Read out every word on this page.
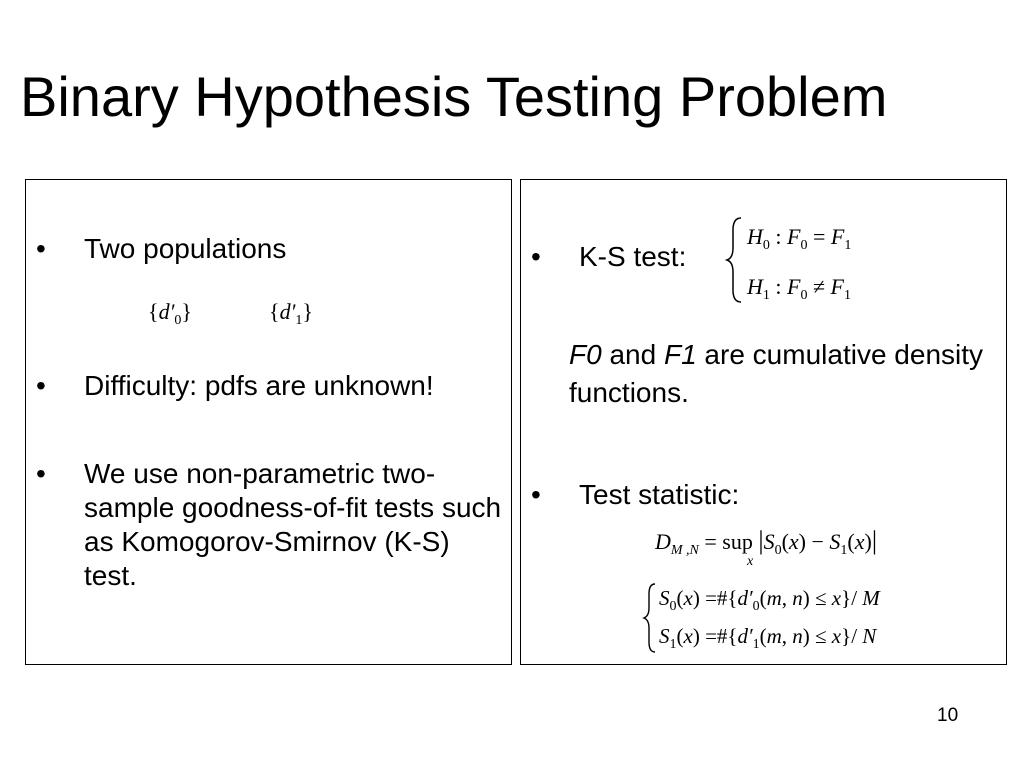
Binary Hypothesis Testing Problem
• Two populations
$\{d'_0\}$	$\{d'_1\}$
• Difficulty: pdfs are unknown!
• We use non-parametric two-sample goodness-of-fit tests such as Komogorov-Smirnov (K-S) test.
• K-S test:
$H_0$ : $F_0 = F_1$
$H_1$ : $F_0 \ne F_1$
F0 and F1 are cumulative density functions.
• Test statistic:
$D_{M ,N}$ = sup $|S_0(x) - S_1(x)|$
x
$S_0(x)$ $=\#\{d'_0(m$, n) ≤ x}/ M
$S_1(x)$ $=\#\{d'_1(m$, n) ≤ x}/ N
10
